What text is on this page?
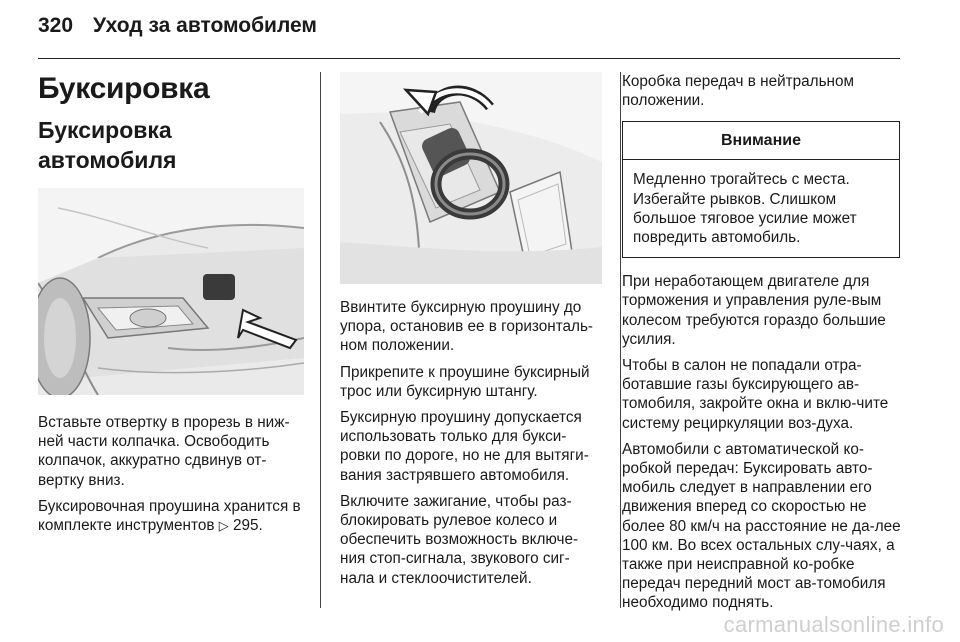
320 Уход за автомобилем
Буксировка
Буксировка автомобиля

Вставьте отвертку в прорезь в ниж-ней части колпачка. Освободить колпачок, аккуратно сдвинув от-вертку вниз.

Буксировочная проушина хранится в комплекте инструментов ▷ 295.

Ввинтите буксирную проушину до упора, остановив ее в горизонталь-ном положении.

Прикрепите к проушине буксирный трос или буксирную штангу.

Буксирную проушину допускается использовать только для букси-ровки по дороге, но не для вытяги-вания застрявшего автомобиля.

Включите зажигание, чтобы раз-блокировать рулевое колесо и обеспечить возможность включе-ния стоп-сигнала, звукового сиг-нала и стеклоочистителей.

Коробка передач в нейтральном положении.

Внимание

Медленно трогайтесь с места. Избегайте рывков. Слишком большое тяговое усилие может повредить автомобиль.

При неработающем двигателе для торможения и управления руле-вым колесом требуются гораздо большие усилия.

Чтобы в салон не попадали отра-ботавшие газы буксирующего ав-томобиля, закройте окна и вклю-чите систему рециркуляции воз-духа.

Автомобили с автоматической ко-робкой передач: Буксировать авто-мобиль следует в направлении его движения вперед со скоростью не более 80 км/ч на расстояние не да-лее 100 км. Во всех остальных слу-чаях, а также при неисправной ко-робке передач передний мост ав-томобиля необходимо поднять.

carmanualsonline.info
